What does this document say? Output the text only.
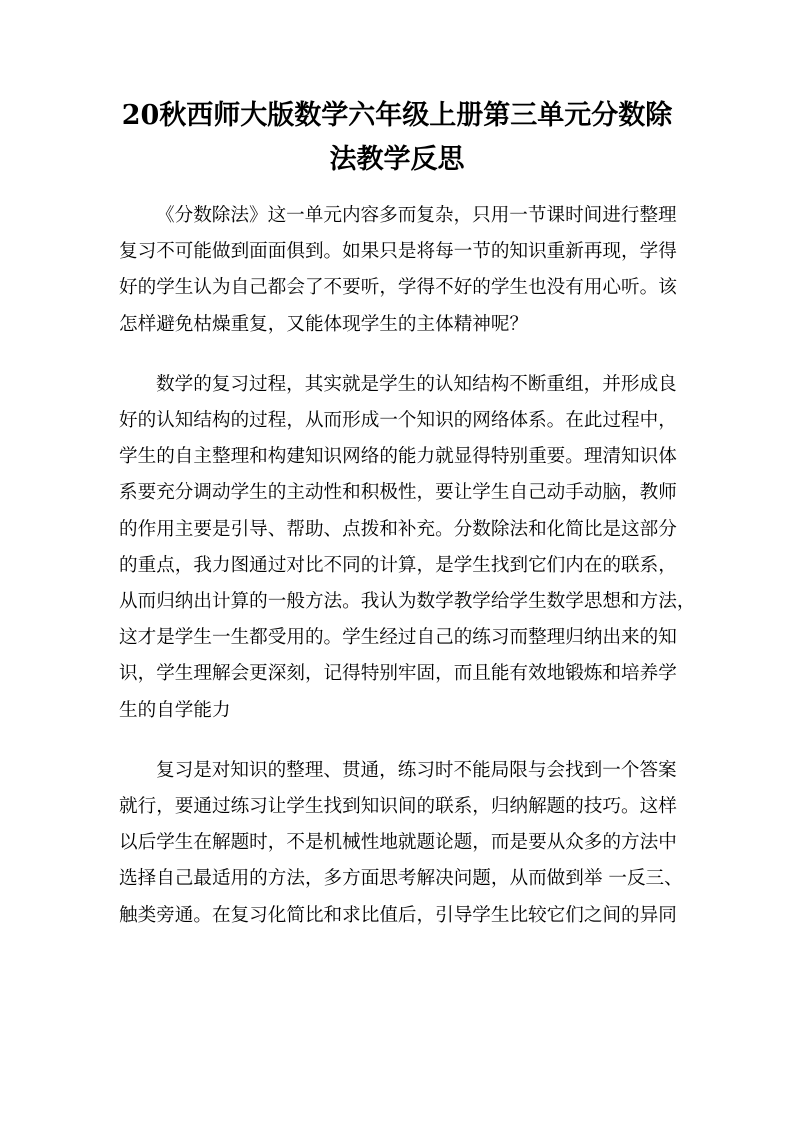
20秋西师大版数学六年级上册第三单元分数除
法教学反思

《分数除法》这一单元内容多而复杂，只用一节课时间进行整理
复习不可能做到面面俱到。如果只是将每一节的知识重新再现，学得
好的学生认为自己都会了不要听，学得不好的学生也没有用心听。该
怎样避免枯燥重复，又能体现学生的主体精神呢？

数学的复习过程，其实就是学生的认知结构不断重组，并形成良
好的认知结构的过程，从而形成一个知识的网络体系。在此过程中，
学生的自主整理和构建知识网络的能力就显得特别重要。理清知识体
系要充分调动学生的主动性和积极性，要让学生自己动手动脑，教师
的作用主要是引导、帮助、点拨和补充。分数除法和化简比是这部分
的重点，我力图通过对比不同的计算，是学生找到它们内在的联系，
从而归纳出计算的一般方法。我认为数学教学给学生数学思想和方法，
这才是学生一生都受用的。学生经过自己的练习而整理归纳出来的知
识，学生理解会更深刻，记得特别牢固，而且能有效地锻炼和培养学
生的自学能力

复习是对知识的整理、贯通，练习时不能局限与会找到一个答案
就行，要通过练习让学生找到知识间的联系，归纳解题的技巧。这样
以后学生在解题时，不是机械性地就题论题，而是要从众多的方法中
选择自己最适用的方法，多方面思考解决问题，从而做到举 一反三、
触类旁通。在复习化简比和求比值后，引导学生比较它们之间的异同
